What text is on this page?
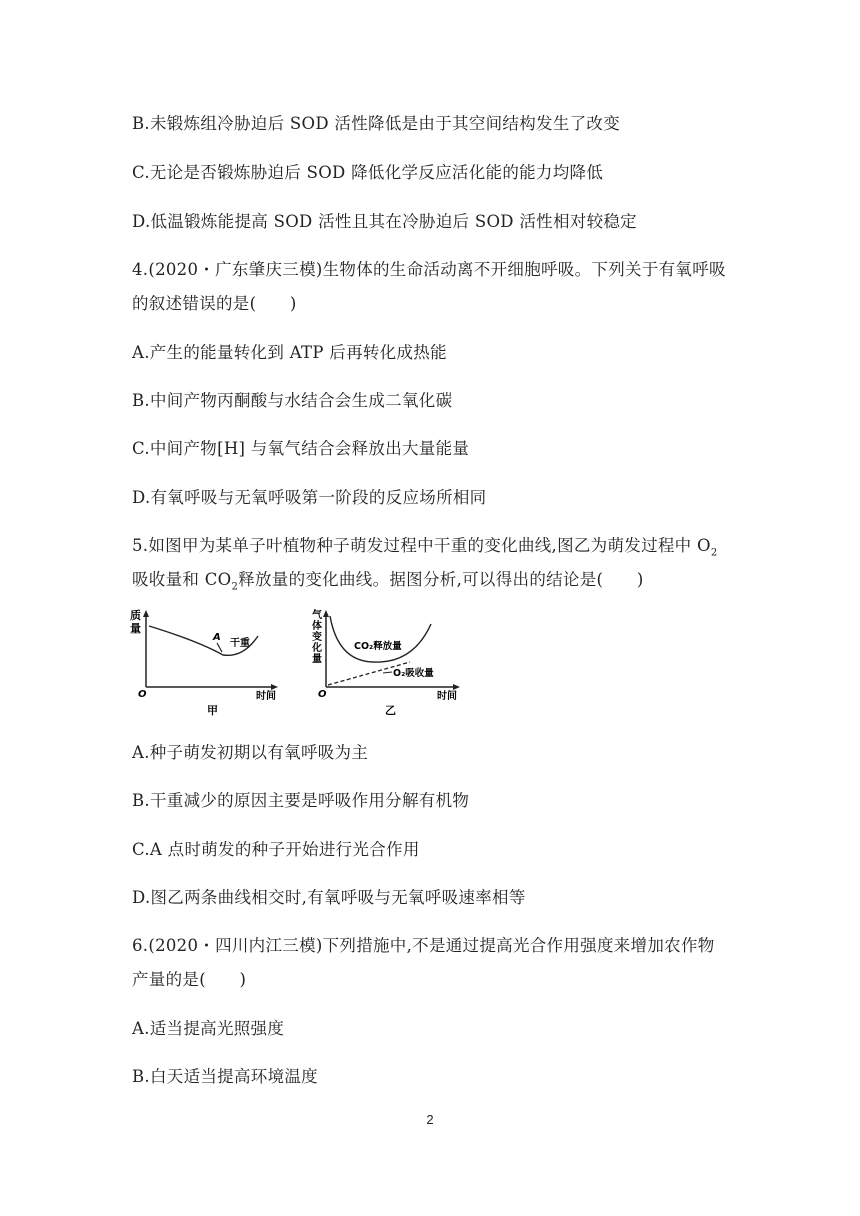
B.未锻炼组冷胁迫后 SOD 活性降低是由于其空间结构发生了改变
C.无论是否锻炼胁迫后 SOD 降低化学反应活化能的能力均降低
D.低温锻炼能提高 SOD 活性且其在冷胁迫后 SOD 活性相对较稳定
4.(2020・广东肇庆三模)生物体的生命活动离不开细胞呼吸。下列关于有氧呼吸
的叙述错误的是(　　)
A.产生的能量转化到 ATP 后再转化成热能
B.中间产物丙酮酸与水结合会生成二氧化碳
C.中间产物[H] 与氧气结合会释放出大量能量
D.有氧呼吸与无氧呼吸第一阶段的反应场所相同
5.如图甲为某单子叶植物种子萌发过程中干重的变化曲线,图乙为萌发过程中 $O_2$
吸收量和 $CO_2$释放量的变化曲线。据图分析,可以得出的结论是(　　)
质
量
O	时间
A
干重
甲
气
体
变
化
量
O	时间
CO₂释放量
O₂吸收量
乙
A.种子萌发初期以有氧呼吸为主
B.干重减少的原因主要是呼吸作用分解有机物
C.A 点时萌发的种子开始进行光合作用
D.图乙两条曲线相交时,有氧呼吸与无氧呼吸速率相等
6.(2020・四川内江三模)下列措施中,不是通过提高光合作用强度来增加农作物
产量的是(　　)
A.适当提高光照强度
B.白天适当提高环境温度
2
